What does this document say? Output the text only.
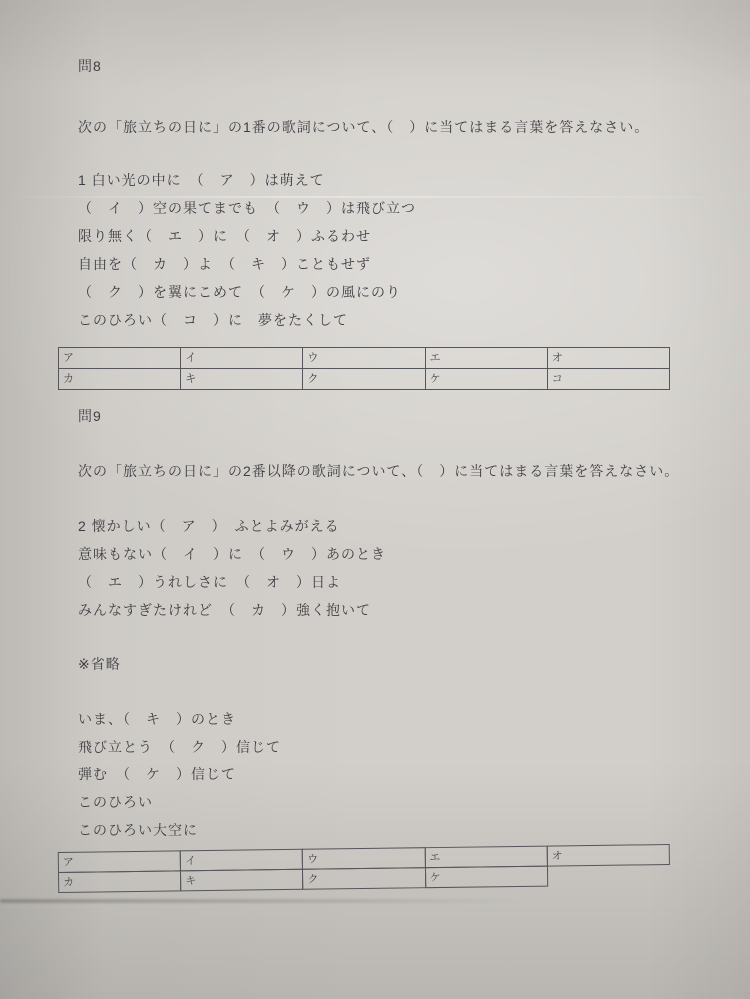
問8
次の「旅立ちの日に」の1番の歌詞について、（　）に当てはまる言葉を答えなさい。
1 白い光の中に　（　ア　）は萌えて
（　イ　）空の果てまでも　（　ウ　）は飛び立つ
限り無く（　エ　）に　（　オ　）ふるわせ
自由を（　カ　）よ　（　キ　）こともせず
（　ク　）を翼にこめて　（　ケ　）の風にのり
このひろい（　コ　）に　夢をたくして
ア	イ	ウ	エ	オ
カ	キ	ク	ケ	コ
問9
次の「旅立ちの日に」の2番以降の歌詞について、（　）に当てはまる言葉を答えなさい。
2 懐かしい（　ア　）　ふとよみがえる
意味もない（　イ　）に　（　ウ　）あのとき
（　エ　）うれしさに　（　オ　）日よ
みんなすぎたけれど　（　カ　）強く抱いて
※省略
いま、（　キ　）のとき
飛び立とう　（　ク　）信じて
弾む　（　ケ　）信じて
このひろい
このひろい大空に
ア	イ	ウ	エ	オ
カ	キ	ク	ケ
